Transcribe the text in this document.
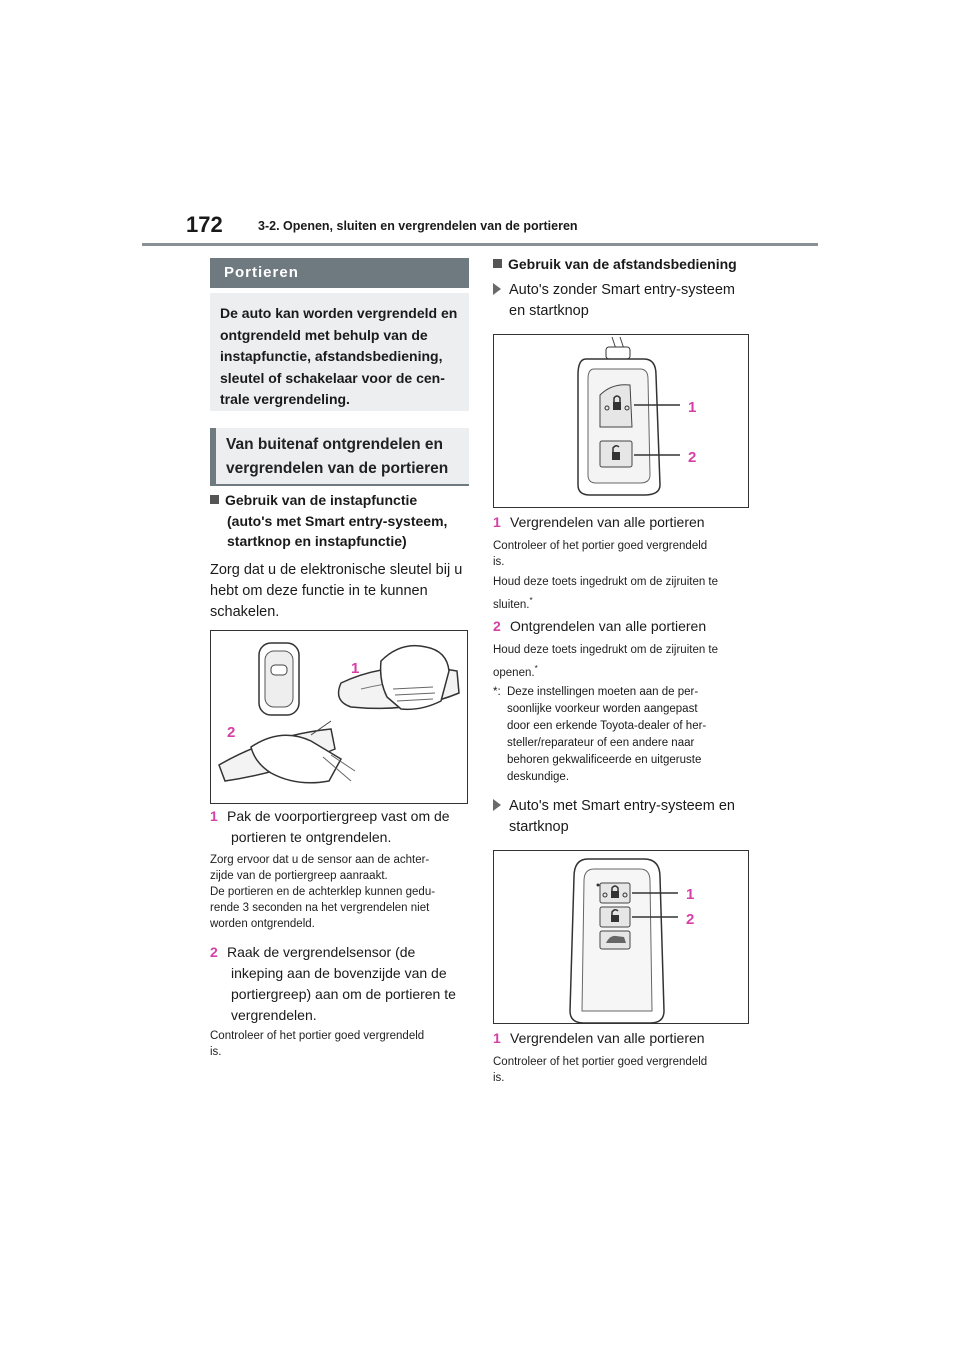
172	3-2. Openen, sluiten en vergrendelen van de portieren
Portieren
De auto kan worden vergrendeld en ontgrendeld met behulp van de instapfunctie, afstandsbediening, sleutel of schakelaar voor de cen-trale vergrendeling.
Van buitenaf ontgrendelen en vergrendelen van de portieren
Gebruik van de instapfunctie
(auto's met Smart entry-systeem,
startknop en instapfunctie)
Zorg dat u de elektronische sleutel bij u
hebt om deze functie in te kunnen
schakelen.
1
2
1 Pak de voorportiergreep vast om de
portieren te ontgrendelen.
Zorg ervoor dat u de sensor aan de achter-
zijde van de portiergreep aanraakt.
De portieren en de achterklep kunnen gedu-
rende 3 seconden na het vergrendelen niet
worden ontgrendeld.
2 Raak de vergrendelsensor (de
inkeping aan de bovenzijde van de
portiergreep) aan om de portieren te
vergrendelen.
Controleer of het portier goed vergrendeld
is.
Gebruik van de afstandsbediening
Auto's zonder Smart entry-systeem
en startknop
1
2
1 Vergrendelen van alle portieren
Controleer of het portier goed vergrendeld
is.
Houd deze toets ingedrukt om de zijruiten te
sluiten.*
2 Ontgrendelen van alle portieren
Houd deze toets ingedrukt om de zijruiten te
openen.*
*: Deze instellingen moeten aan de per-
soonlijke voorkeur worden aangepast
door een erkende Toyota-dealer of her-
steller/reparateur of een andere naar
behoren gekwalificeerde en uitgeruste
deskundige.
Auto's met Smart entry-systeem en
startknop
1
2
1 Vergrendelen van alle portieren
Controleer of het portier goed vergrendeld
is.
